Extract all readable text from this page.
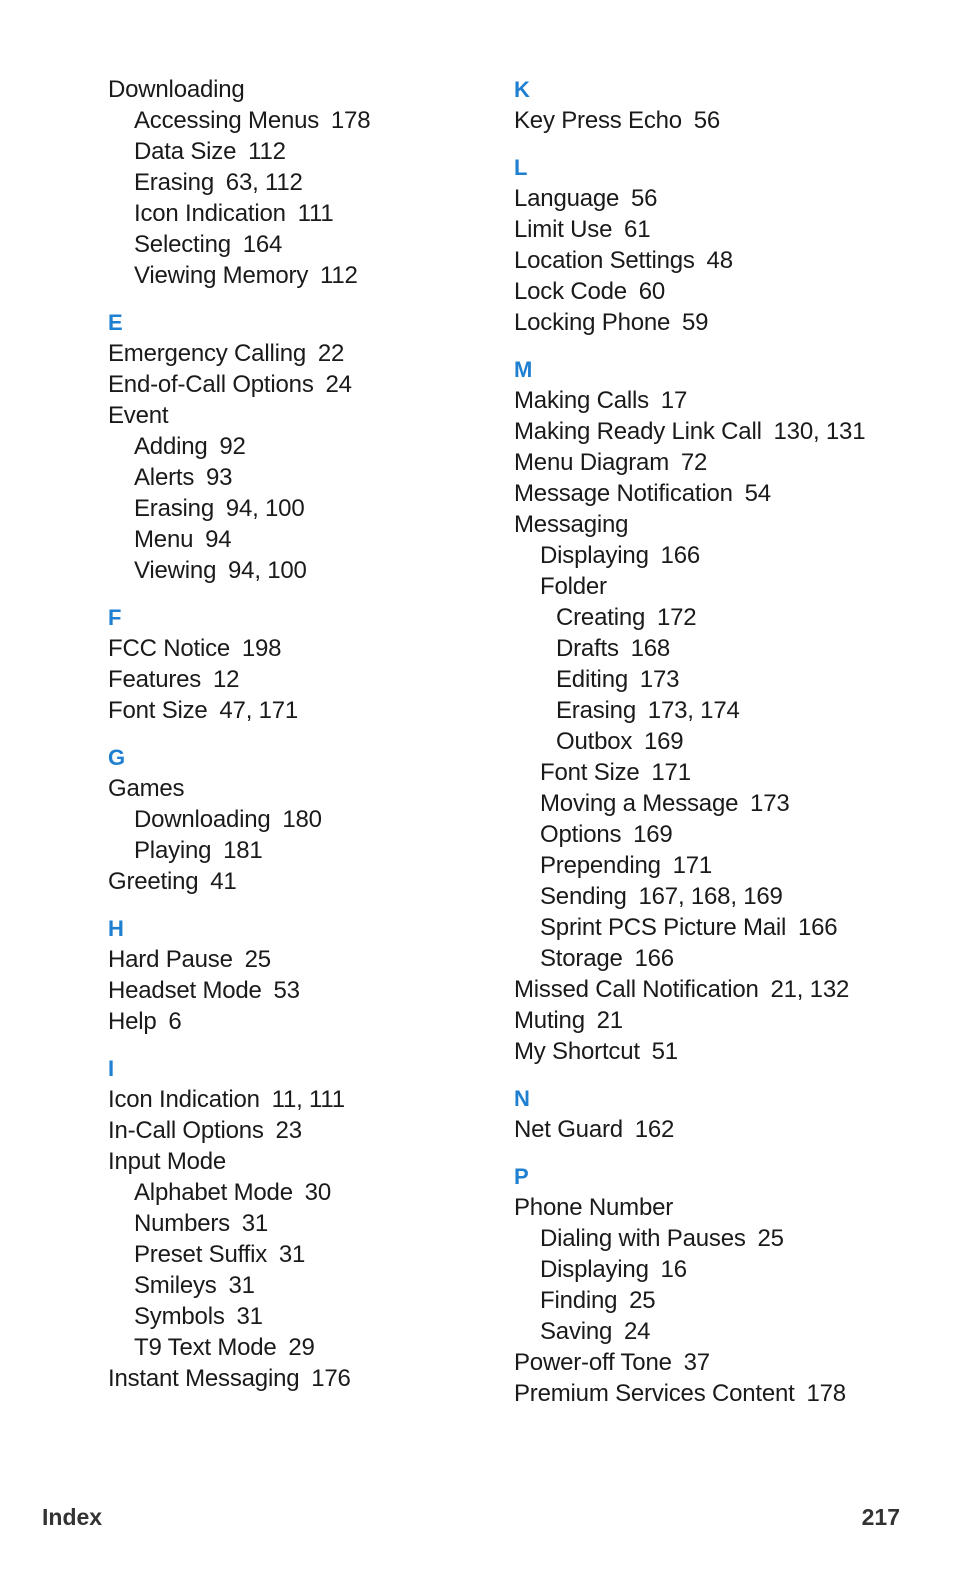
Downloading
Accessing Menus 178
Data Size 112
Erasing 63, 112
Icon Indication 111
Selecting 164
Viewing Memory 112
E
Emergency Calling 22
End-of-Call Options 24
Event
Adding 92
Alerts 93
Erasing 94, 100
Menu 94
Viewing 94, 100
F
FCC Notice 198
Features 12
Font Size 47, 171
G
Games
Downloading 180
Playing 181
Greeting 41
H
Hard Pause 25
Headset Mode 53
Help 6
I
Icon Indication 11, 111
In-Call Options 23
Input Mode
Alphabet Mode 30
Numbers 31
Preset Suffix 31
Smileys 31
Symbols 31
T9 Text Mode 29
Instant Messaging 176
K
Key Press Echo 56
L
Language 56
Limit Use 61
Location Settings 48
Lock Code 60
Locking Phone 59
M
Making Calls 17
Making Ready Link Call 130, 131
Menu Diagram 72
Message Notification 54
Messaging
Displaying 166
Folder
Creating 172
Drafts 168
Editing 173
Erasing 173, 174
Outbox 169
Font Size 171
Moving a Message 173
Options 169
Prepending 171
Sending 167, 168, 169
Sprint PCS Picture Mail 166
Storage 166
Missed Call Notification 21, 132
Muting 21
My Shortcut 51
N
Net Guard 162
P
Phone Number
Dialing with Pauses 25
Displaying 16
Finding 25
Saving 24
Power-off Tone 37
Premium Services Content 178
Index	217
